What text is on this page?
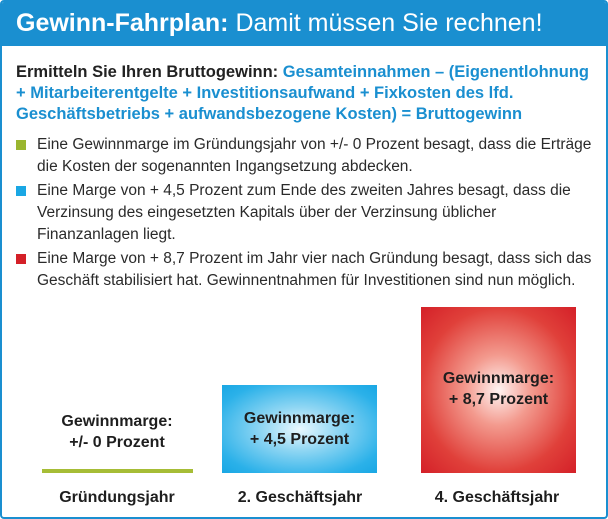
Gewinn-Fahrplan: Damit müssen Sie rechnen!
Ermitteln Sie Ihren Bruttogewinn: Gesamteinnahmen – (Eigenentlohnung + Mitarbeiterentgelte + Investitionsaufwand + Fixkosten des lfd. Geschäftsbetriebs + aufwandsbezogene Kosten) = Bruttogewinn
Eine Gewinnmarge im Gründungsjahr von +/- 0 Prozent besagt, dass die Erträge die Kosten der sogenannten Ingangsetzung abdecken.
Eine Marge von + 4,5 Prozent zum Ende des zweiten Jahres besagt, dass die Verzinsung des eingesetzten Kapitals über der Verzinsung üblicher Finanzanlagen liegt.
Eine Marge von + 8,7 Prozent im Jahr vier nach Gründung besagt, dass sich das Geschäft stabilisiert hat. Gewinnentnahmen für Investitionen sind nun möglich.
Gewinnmarge:
+/- 0 Prozent
Gründungsjahr
Gewinnmarge:
+ 4,5 Prozent
2. Geschäftsjahr
Gewinnmarge:
+ 8,7 Prozent
4. Geschäftsjahr
